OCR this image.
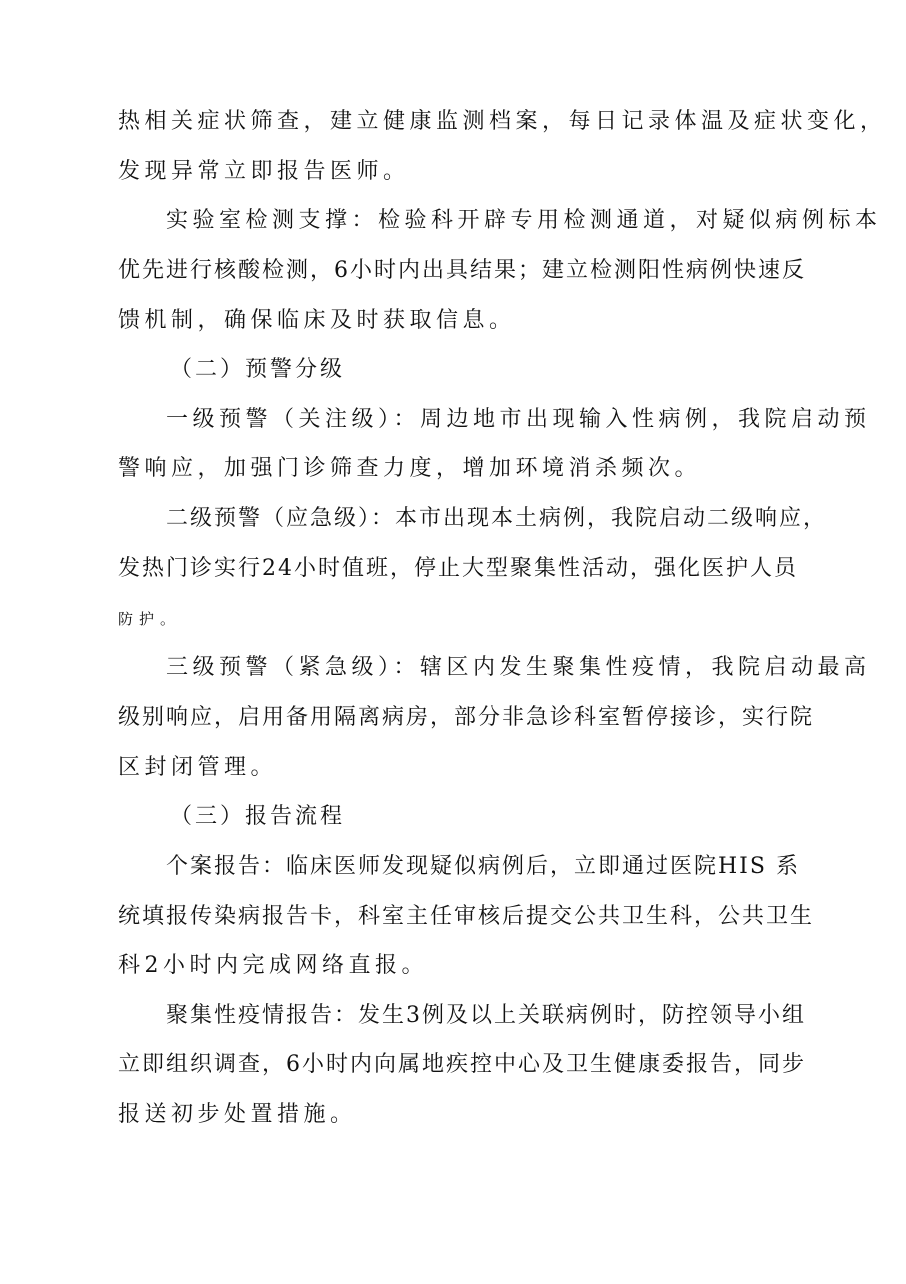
热相关症状筛查，建立健康监测档案，每日记录体温及症状变化，
发现异常立即报告医师。
实验室检测支撑：检验科开辟专用检测通道，对疑似病例标本
优先进行核酸检测，6小时内出具结果；建立检测阳性病例快速反
馈机制，确保临床及时获取信息。
（二）预警分级
一级预警（关注级）：周边地市出现输入性病例，我院启动预
警响应，加强门诊筛查力度，增加环境消杀频次。
二级预警（应急级）：本市出现本土病例，我院启动二级响应，
发热门诊实行24小时值班，停止大型聚集性活动，强化医护人员
防护。
三级预警（紧急级）：辖区内发生聚集性疫情，我院启动最高
级别响应，启用备用隔离病房，部分非急诊科室暂停接诊，实行院
区封闭管理。
（三）报告流程
个案报告：临床医师发现疑似病例后，立即通过医院HIS 系
统填报传染病报告卡，科室主任审核后提交公共卫生科，公共卫生
科2小时内完成网络直报。
聚集性疫情报告：发生3例及以上关联病例时，防控领导小组
立即组织调查，6小时内向属地疾控中心及卫生健康委报告，同步
报送初步处置措施。
